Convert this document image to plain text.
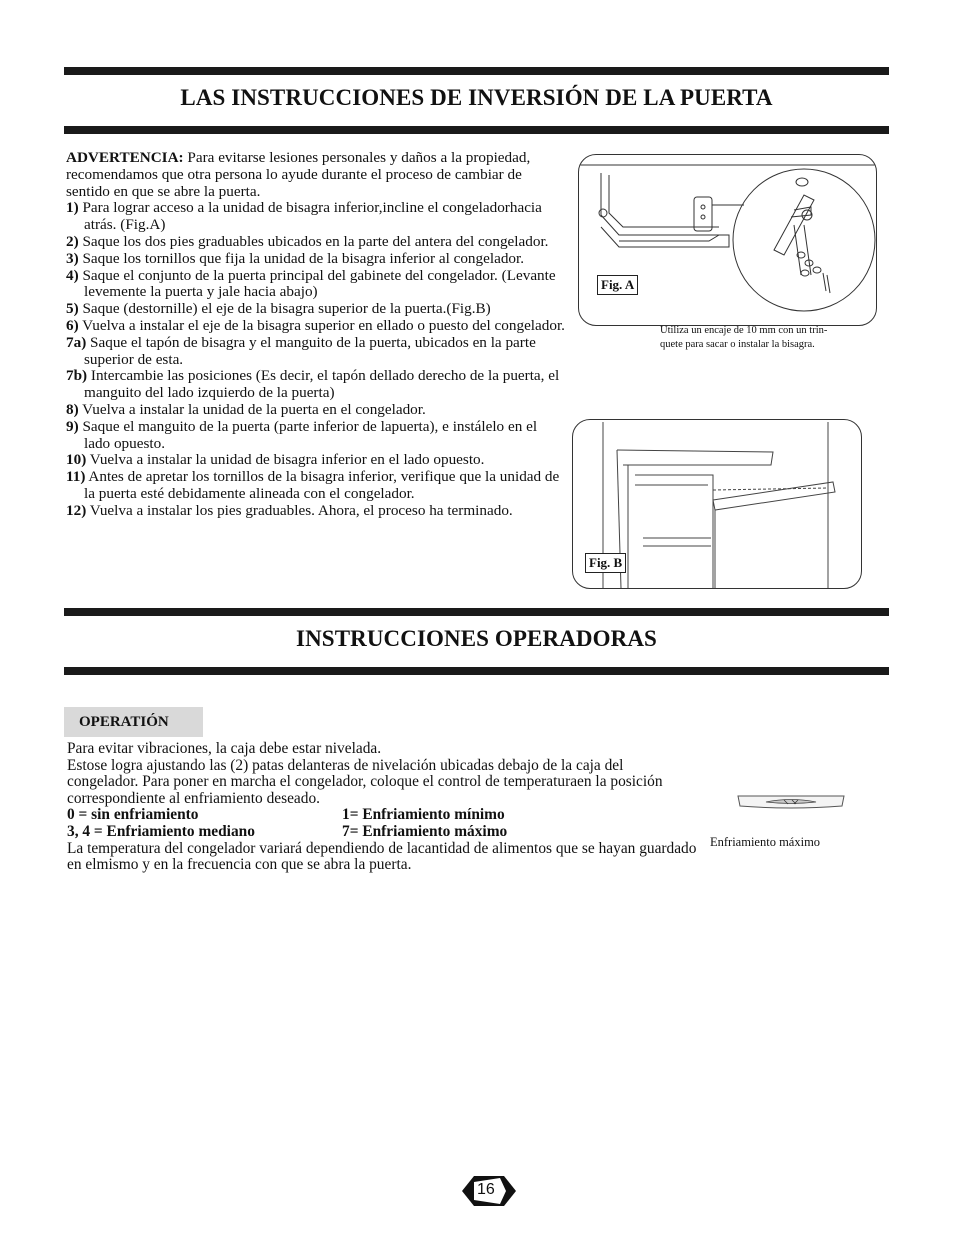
LAS INSTRUCCIONES DE INVERSIÓN DE LA PUERTA

ADVERTENCIA: Para evitarse lesiones personales y daños a la propiedad, recomendamos que otra persona lo ayude durante el proceso de cambiar de sentido en que se abre la puerta.

1) Para lograr acceso a la unidad de bisagra inferior,incline el congeladorhacia atrás. (Fig.A)

2) Saque los dos pies graduables ubicados en la parte del antera del congelador.

3) Saque los tornillos que fija la unidad de la bisagra inferior al congelador.

4) Saque el conjunto de la puerta principal del gabinete del congelador. (Levante levemente la puerta y jale hacia abajo)

5) Saque (destornille) el eje de la bisagra superior de la puerta.(Fig.B)

6) Vuelva a instalar el eje de la bisagra superior en ellado o puesto del congelador.

7a) Saque el tapón de bisagra y el manguito de la puerta, ubicados en la parte superior de esta.

7b) Intercambie las posiciones (Es decir, el tapón dellado derecho de la puerta, el manguito del lado izquierdo de la puerta)

8) Vuelva a instalar la unidad de la puerta en el congelador.

9) Saque el manguito de la puerta (parte inferior de lapuerta), e instálelo en el lado opuesto.

10) Vuelva a instalar la unidad de bisagra inferior en el lado opuesto.

11) Antes de apretar los tornillos de la bisagra inferior, verifique que la unidad de la puerta esté debidamente alineada con el congelador.

12) Vuelva a instalar los pies graduables. Ahora, el proceso ha terminado.

Fig. A
Utiliza un encaje de 10 mm con un trin-
quete para sacar o instalar la bisagra.
Fig. B
INSTRUCCIONES OPERADORAS
OPERATIÓN

Para evitar vibraciones, la caja debe estar nivelada.

Estose logra ajustando las (2) patas delanteras de nivelación ubicadas debajo de la caja del congelador. Para poner en marcha el congelador, coloque el control de temperaturaen la posición correspondiente al enfriamiento deseado.

0 = sin enfriamiento	1= Enfriamiento mínimo
3, 4 = Enfriamiento mediano	7= Enfriamiento máximo

La temperatura del congelador variará dependiendo de lacantidad de alimentos que se hayan guardado en elmismo y en la frecuencia con que se abra la puerta.

Enfriamiento máximo
16
